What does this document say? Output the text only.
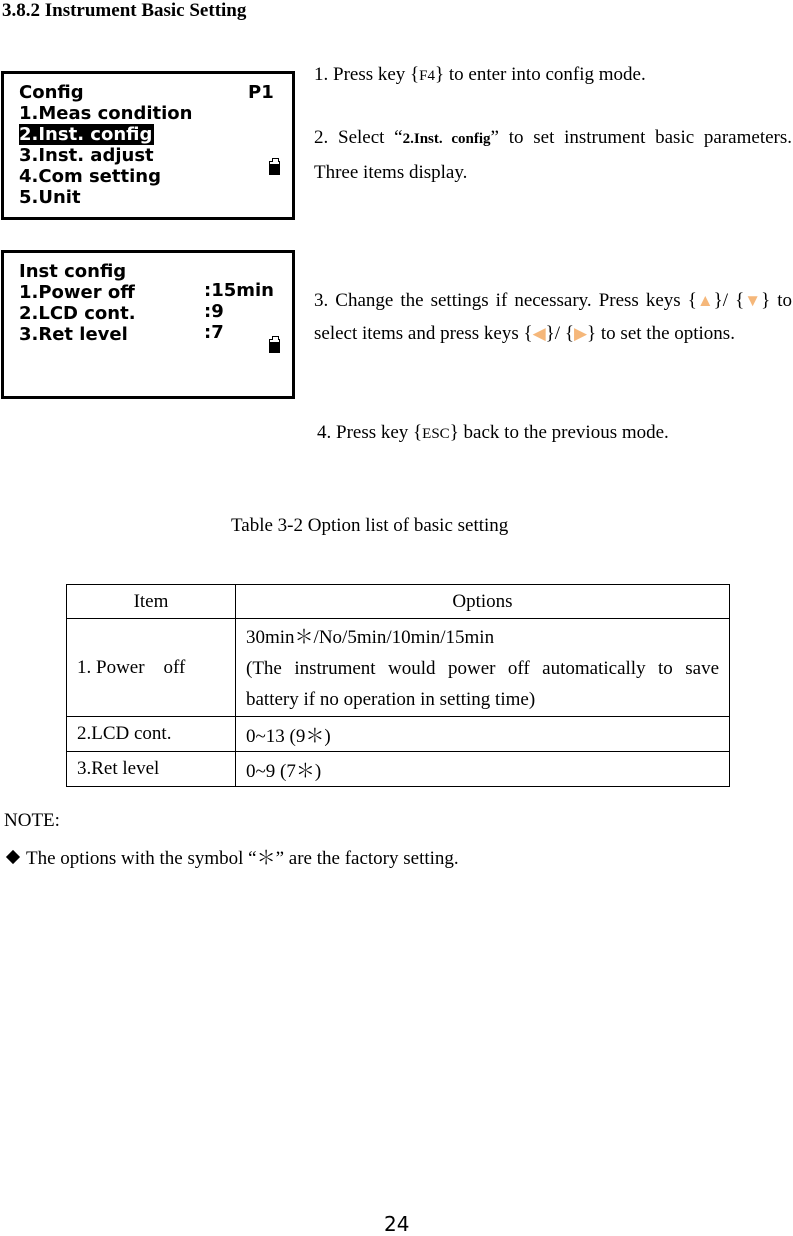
3.8.2 Instrument Basic Setting
Config	P1
1.Meas condition
2.Inst. config
3.Inst. adjust
4.Com setting
5.Unit
Inst config
1.Power off
2.LCD cont.
3.Ret level
:15min
:9
:7
1. Press key {F4} to enter into config mode.
2. Select “2.Inst. config” to set instrument basic parameters. Three items display.
3. Change the settings if necessary. Press keys {▲}/ {▼} to select items and press keys {◀}/ {▶} to set the options.
4. Press key {ESC} back to the previous mode.
Table 3-2 Option list of basic setting
Item	Options
1. Power    off	30min＊/No/5min/10min/15min
(The instrument would power off automatically to save battery if no operation in setting time)

2.LCD cont.	0~13 (9＊)
3.Ret level	0~9 (7＊)
NOTE:
The options with the symbol “＊” are the factory setting.
24
